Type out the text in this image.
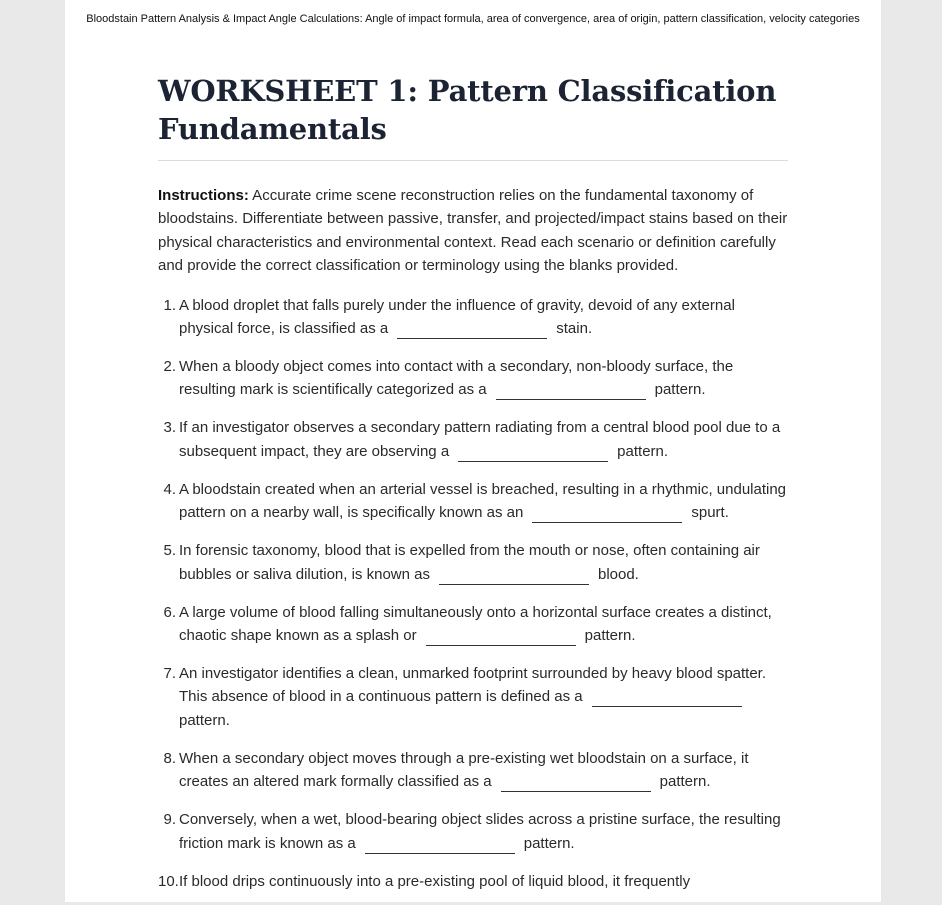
Bloodstain Pattern Analysis & Impact Angle Calculations: Angle of impact formula, area of convergence, area of origin, pattern classification, velocity categories
WORKSHEET 1: Pattern Classification
Fundamentals

Instructions: Accurate crime scene reconstruction relies on the fundamental taxonomy of bloodstains. Differentiate between passive, transfer, and projected/impact stains based on their physical characteristics and environmental context. Read each scenario or definition carefully and provide the correct classification or terminology using the blanks provided.

1. A blood droplet that falls purely under the influence of gravity, devoid of any external physical force, is classified as a	stain.
2. When a bloody object comes into contact with a secondary, non-bloody surface, the resulting mark is scientifically categorized as a	pattern.
3. If an investigator observes a secondary pattern radiating from a central blood pool due to a subsequent impact, they are observing a	pattern.
4. A bloodstain created when an arterial vessel is breached, resulting in a rhythmic, undulating pattern on a nearby wall, is specifically known as an	spurt.
5. In forensic taxonomy, blood that is expelled from the mouth or nose, often containing air bubbles or saliva dilution, is known as	blood.
6. A large volume of blood falling simultaneously onto a horizontal surface creates a distinct, chaotic shape known as a splash or	pattern.
7. An investigator identifies a clean, unmarked footprint surrounded by heavy blood spatter. This absence of blood in a continuous pattern is defined as apattern.
8. When a secondary object moves through a pre-existing wet bloodstain on a surface, it creates an altered mark formally classified as a	pattern.
9. Conversely, when a wet, blood-bearing object slides across a pristine surface, the resulting friction mark is known as a	pattern.
10. If blood drips continuously into a pre-existing pool of liquid blood, it frequently
